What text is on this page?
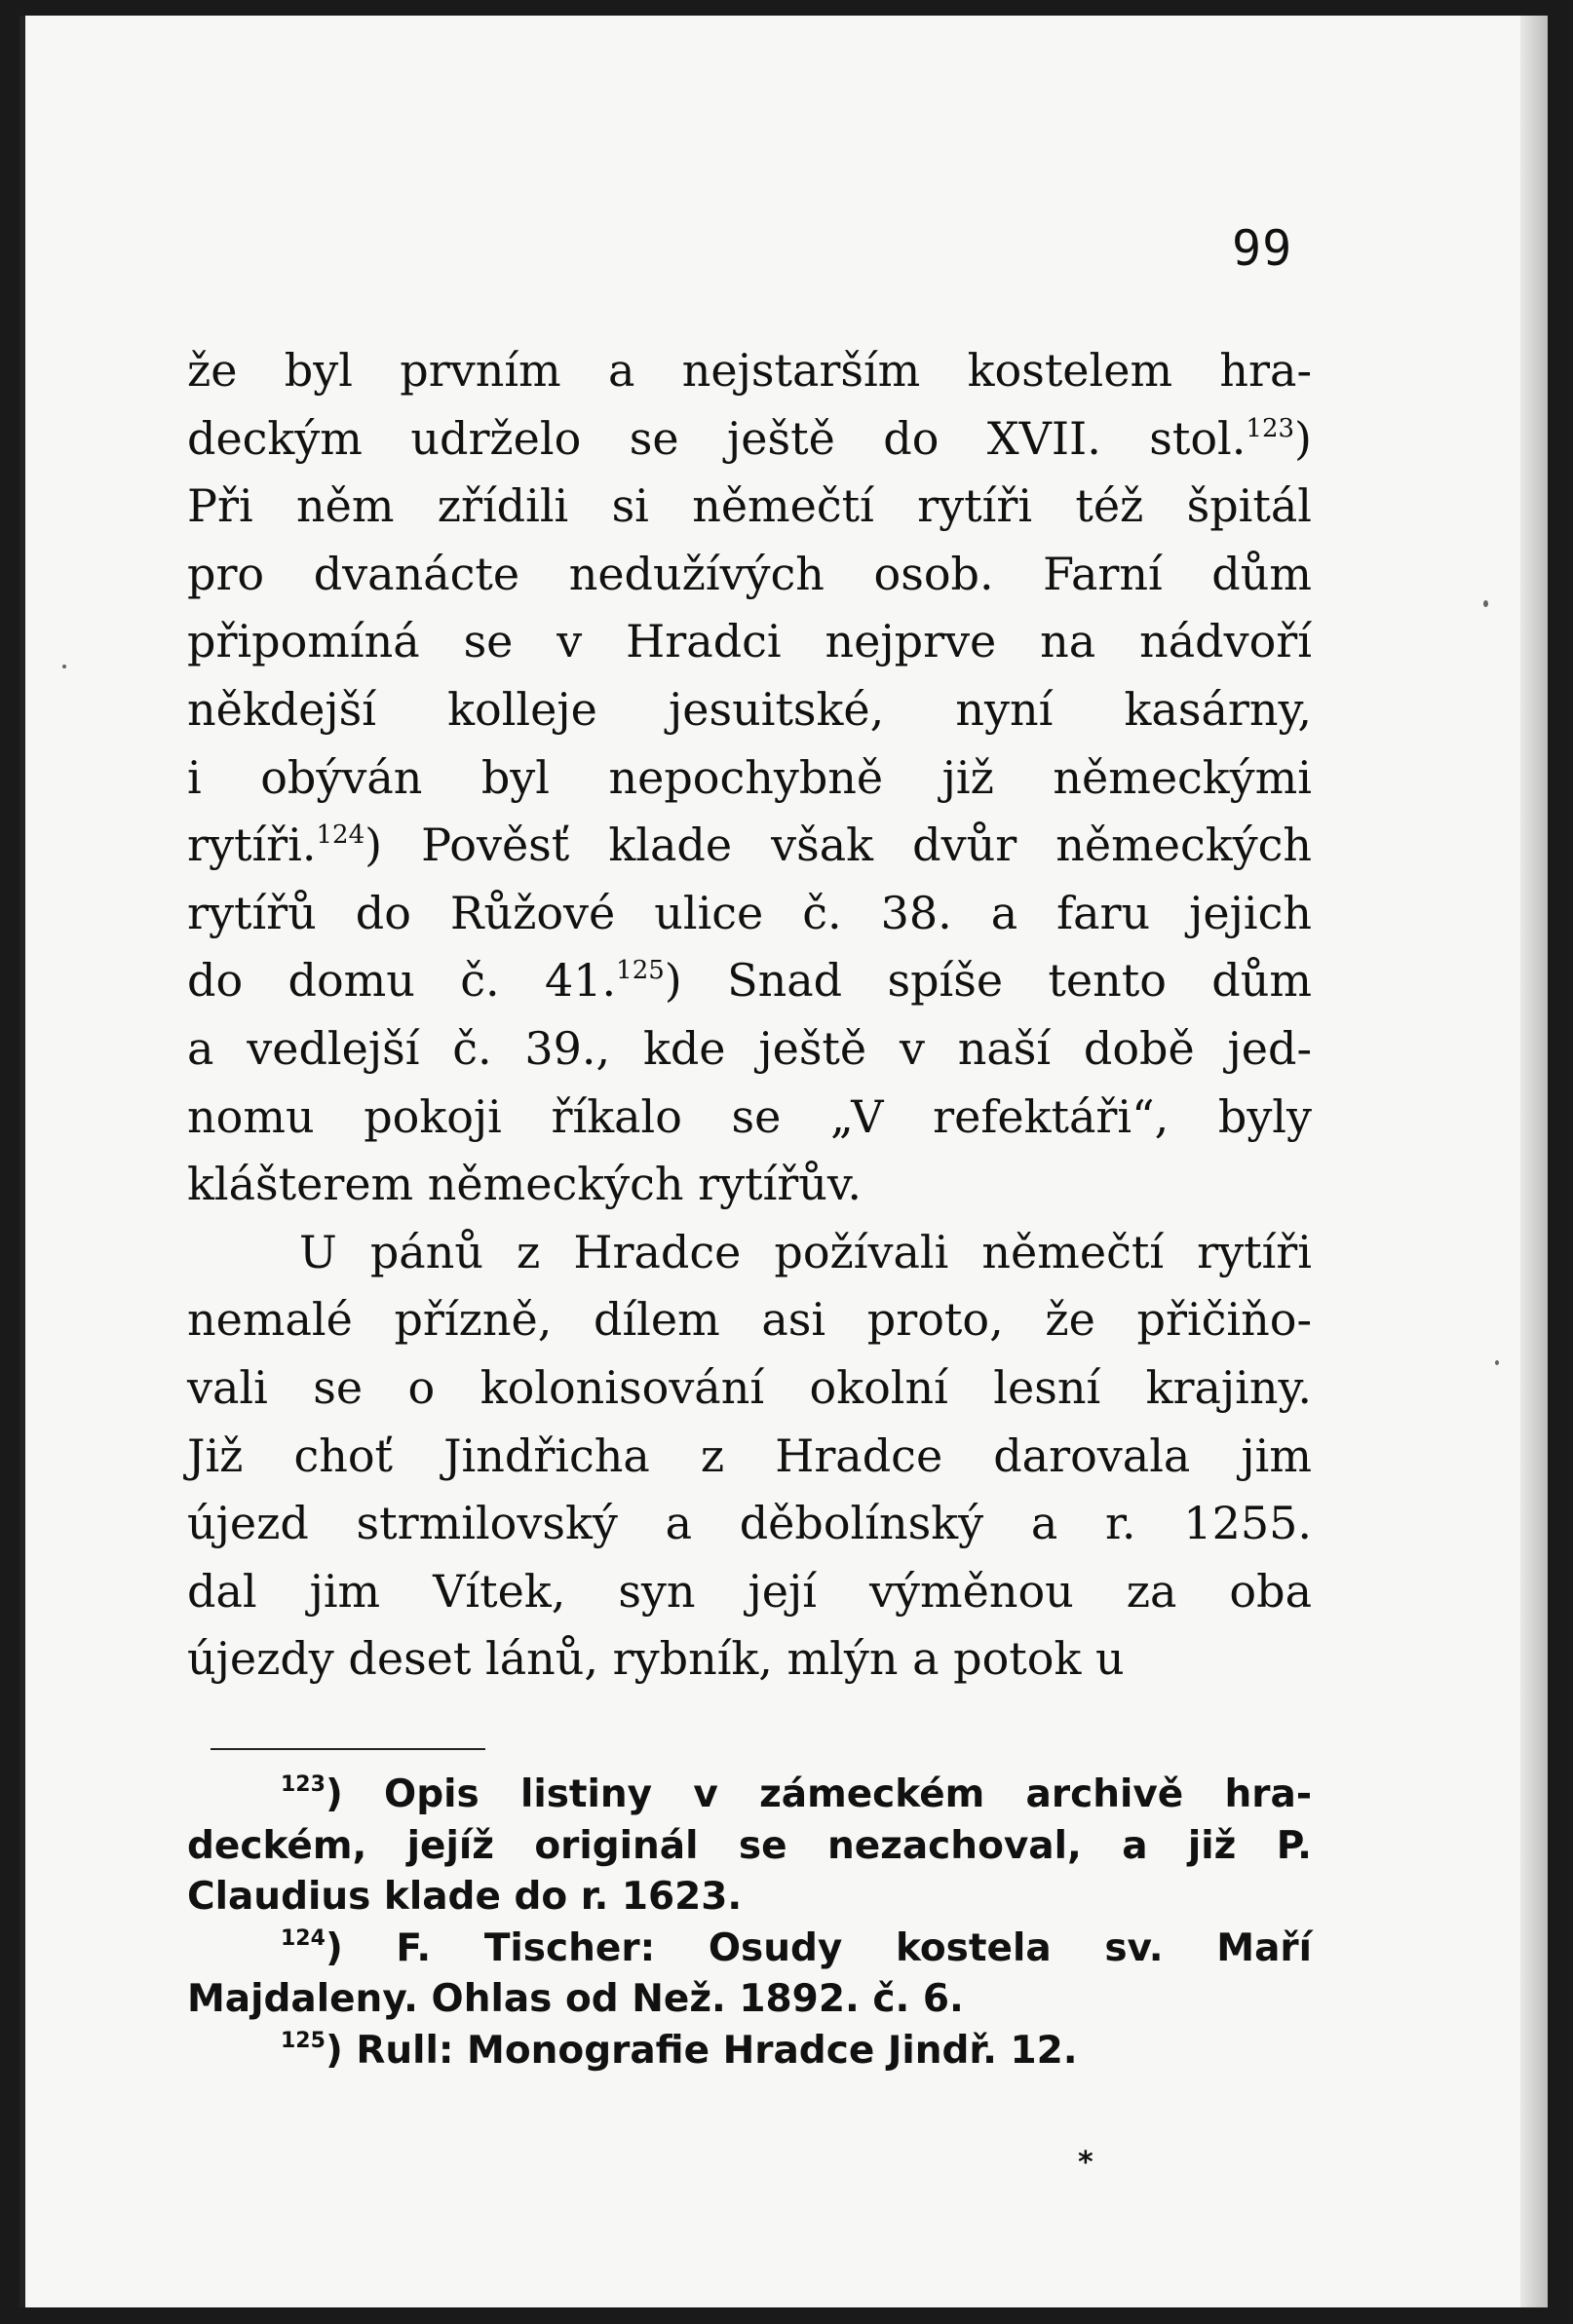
99
že byl prvním a nejstarším kostelem hra-
deckým udrželo se ještě do XVII. stol.$^{123}$)
Při něm zřídili si němečtí rytíři též špitál
pro dvanácte nedužívých osob. Farní dům
připomíná se v Hradci nejprve na nádvoří
někdejší kolleje jesuitské, nyní kasárny,
i obýván byl nepochybně již německými
rytíři.$^{124}$) Pověsť klade však dvůr německých
rytířů do Růžové ulice č. 38. a faru jejich
do domu č. 41.$^{125}$) Snad spíše tento dům
a vedlejší č. 39., kde ještě v naší době jed-
nomu pokoji říkalo se „V refektáři“, byly
klášterem německých rytířův.
U pánů z Hradce požívali němečtí rytíři
nemalé přízně, dílem asi proto, že přičiňo-
vali se o kolonisování okolní lesní krajiny.
Již choť Jindřicha z Hradce darovala jim
újezd strmilovský a děbolínský a r. 1255.
dal jim Vítek, syn její výměnou za oba
újezdy deset lánů, rybník, mlýn a potok u
$^{123}$) Opis listiny v zámeckém archivě hra-
deckém, jejíž originál se nezachoval, a již P.
Claudius klade do r. 1623.
$^{124}$) F. Tischer: Osudy kostela sv. Maří
Majdaleny. Ohlas od Než. 1892. č. 6.
$^{125}$) Rull: Monografie Hradce Jindř. 12.
*
